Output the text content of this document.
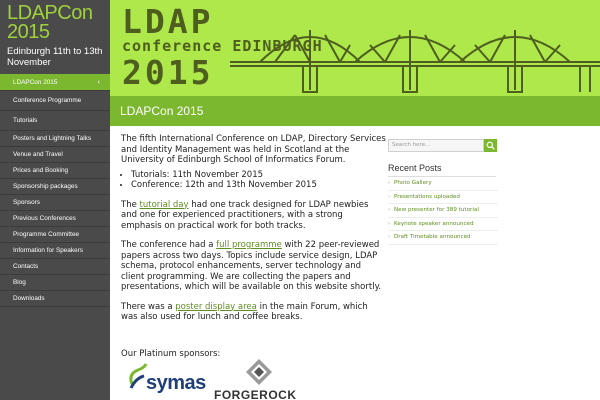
LDAPCon 2015
Edinburgh 11th to 13th November
LDAPCon 2015	‹
Conference Programme
Tutorials
Posters and Lightning Talks
Venue and Travel
Prices and Booking
Sponsorship packages
Sponsors
Previous Conferences
Programme Committee
Information for Speakers
Contacts
Blog
Downloads
LDAP
conference EDINBURGH
2015
LDAPCon 2015

The fifth International Conference on LDAP, Directory Services and Identity Management was held in Scotland at the University of Edinburgh School of Informatics Forum.

• Tutorials: 11th November 2015
• Conference: 12th and 13th November 2015

The tutorial day had one track designed for LDAP newbies and one for experienced practitioners, with a strong emphasis on practical work for both tracks.

The conference had a full programme with 22 peer-reviewed papers across two days. Topics include service design, LDAP schema, protocol enhancements, server technology and client programming. We are collecting the papers and presentations, which will be available on this website shortly.

There was a poster display area in the main Forum, which was also used for lunch and coffee breaks.

Our Platinum sponsors:

symas
FORGEROCK
Search here...
Recent Posts
› Photo Gallery
› Presentations uploaded
› New presenter for 389 tutorial
› Keynote speaker announced
› Draft Timetable announced
